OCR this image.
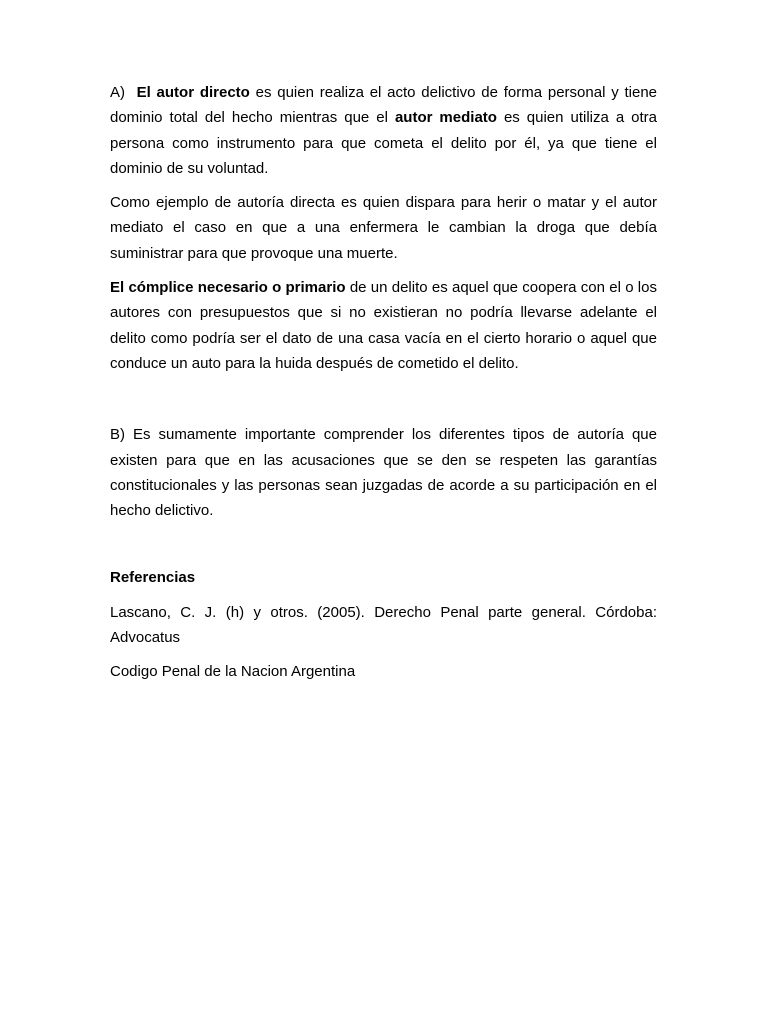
A) El autor directo es quien realiza el acto delictivo de forma personal y tiene dominio total del hecho mientras que el autor mediato es quien utiliza a otra persona como instrumento para que cometa el delito por él, ya que tiene el dominio de su voluntad.

Como ejemplo de autoría directa es quien dispara para herir o matar y el autor mediato el caso en que a una enfermera le cambian la droga que debía suministrar para que provoque una muerte.

El cómplice necesario o primario de un delito es aquel que coopera con el o los autores con presupuestos que si no existieran no podría llevarse adelante el delito como podría ser el dato de una casa vacía en el cierto horario o aquel que conduce un auto para la huida después de cometido el delito.

B) Es sumamente importante comprender los diferentes tipos de autoría que existen para que en las acusaciones que se den se respeten las garantías constitucionales y las personas sean juzgadas de acorde a su participación en el hecho delictivo.

Referencias

Lascano, C. J. (h) y otros. (2005). Derecho Penal parte general. Córdoba: Advocatus

Codigo Penal de la Nacion Argentina
